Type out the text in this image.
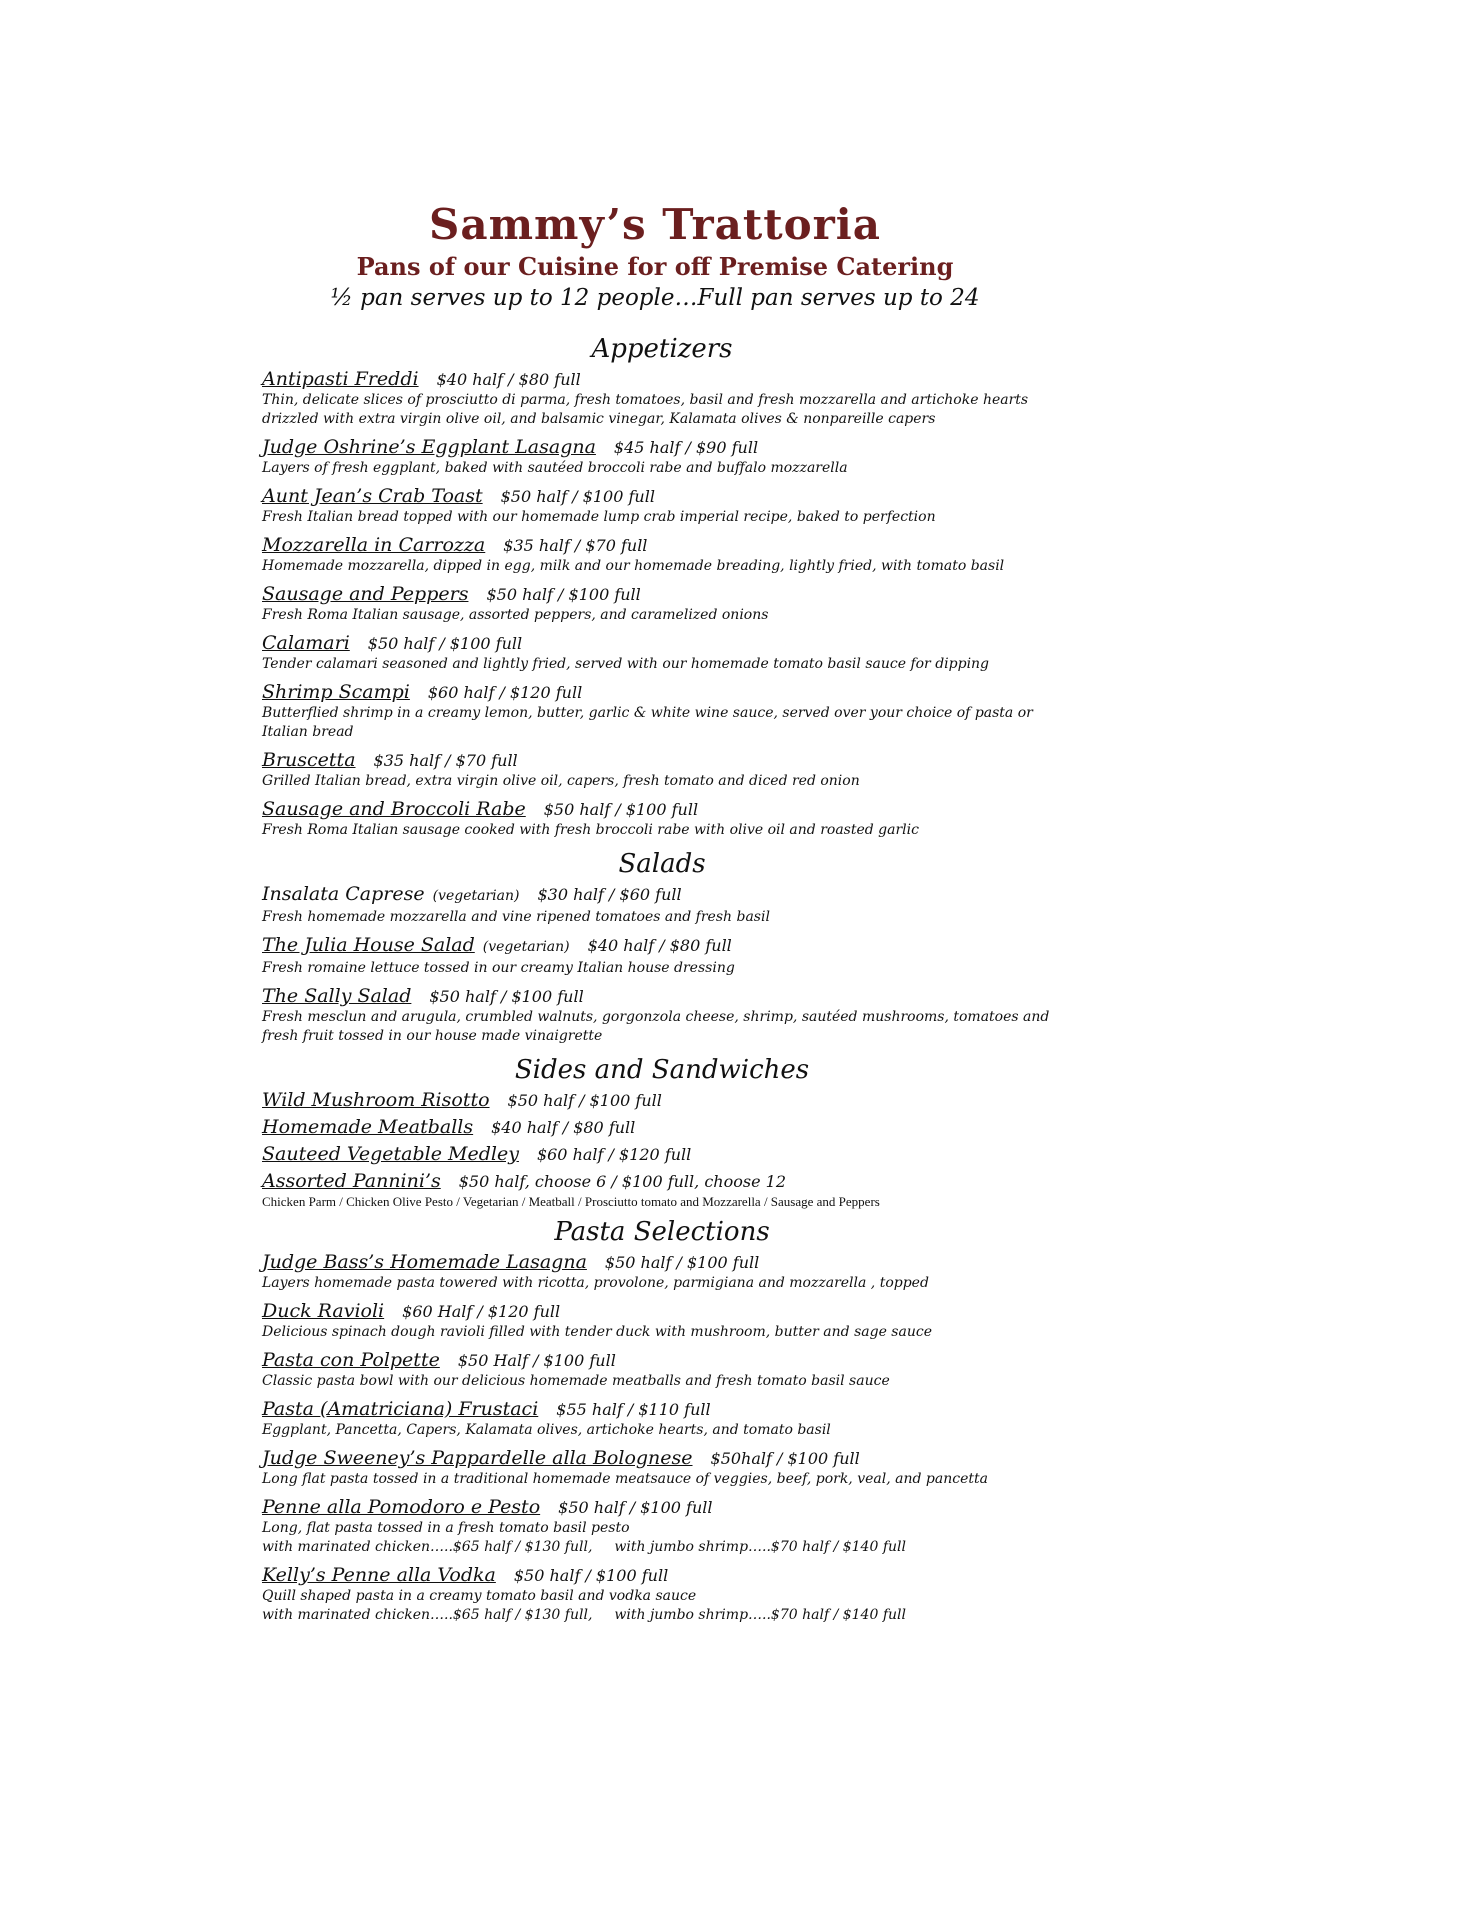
Sammy’s Trattoria
Pans of our Cuisine for off Premise Catering
½ pan serves up to 12 people…Full pan serves up to 24
Appetizers
Antipasti Freddi $40 half / $80 full
Thin, delicate slices of prosciutto di parma, fresh tomatoes, basil and fresh mozzarella and artichoke hearts drizzled with extra virgin olive oil, and balsamic vinegar, Kalamata olives & nonpareille capers
Judge Oshrine’s Eggplant Lasagna $45 half / $90 full
Layers of fresh eggplant, baked with sautéed broccoli rabe and buffalo mozzarella
Aunt Jean’s Crab Toast $50 half / $100 full
Fresh Italian bread topped with our homemade lump crab imperial recipe, baked to perfection
Mozzarella in Carrozza $35 half / $70 full
Homemade mozzarella, dipped in egg, milk and our homemade breading, lightly fried, with tomato basil
Sausage and Peppers $50 half / $100 full
Fresh Roma Italian sausage, assorted peppers, and caramelized onions
Calamari $50 half / $100 full
Tender calamari seasoned and lightly fried, served with our homemade tomato basil sauce for dipping
Shrimp Scampi $60 half / $120 full
Butterflied shrimp in a creamy lemon, butter, garlic & white wine sauce, served over your choice of pasta or Italian bread
Bruscetta $35 half / $70 full
Grilled Italian bread, extra virgin olive oil, capers, fresh tomato and diced red onion
Sausage and Broccoli Rabe $50 half / $100 full
Fresh Roma Italian sausage cooked with fresh broccoli rabe with olive oil and roasted garlic
Salads
Insalata Caprese (vegetarian) $30 half / $60 full
Fresh homemade mozzarella and vine ripened tomatoes and fresh basil
The Julia House Salad (vegetarian) $40 half / $80 full
Fresh romaine lettuce tossed in our creamy Italian house dressing
The Sally Salad $50 half / $100 full
Fresh mesclun and arugula, crumbled walnuts, gorgonzola cheese, shrimp, sautéed mushrooms, tomatoes and fresh fruit tossed in our house made vinaigrette
Sides and Sandwiches
Wild Mushroom Risotto $50 half / $100 full
Homemade Meatballs $40 half / $80 full
Sauteed Vegetable Medley $60 half / $120 full
Assorted Pannini’s $50 half, choose 6 / $100 full, choose 12
Chicken Parm / Chicken Olive Pesto / Vegetarian / Meatball / Prosciutto tomato and Mozzarella / Sausage and Peppers
Pasta Selections
Judge Bass’s Homemade Lasagna $50 half / $100 full
Layers homemade pasta towered with ricotta, provolone, parmigiana and mozzarella , topped
Duck Ravioli $60 Half / $120 full
Delicious spinach dough ravioli filled with tender duck with mushroom, butter and sage sauce
Pasta con Polpette $50 Half / $100 full
Classic pasta bowl with our delicious homemade meatballs and fresh tomato basil sauce
Pasta (Amatriciana) Frustaci $55 half / $110 full
Eggplant, Pancetta, Capers, Kalamata olives, artichoke hearts, and tomato basil
Judge Sweeney’s Pappardelle alla Bolognese $50half / $100 full
Long flat pasta tossed in a traditional homemade meatsauce of veggies, beef, pork, veal, and pancetta
Penne alla Pomodoro e Pesto $50 half / $100 full
Long, flat pasta tossed in a fresh tomato basil pesto
with marinated chicken…..$65 half / $130 full, with jumbo shrimp…..$70 half / $140 full
Kelly’s Penne alla Vodka $50 half / $100 full
Quill shaped pasta in a creamy tomato basil and vodka sauce
with marinated chicken…..$65 half / $130 full, with jumbo shrimp…..$70 half / $140 full
